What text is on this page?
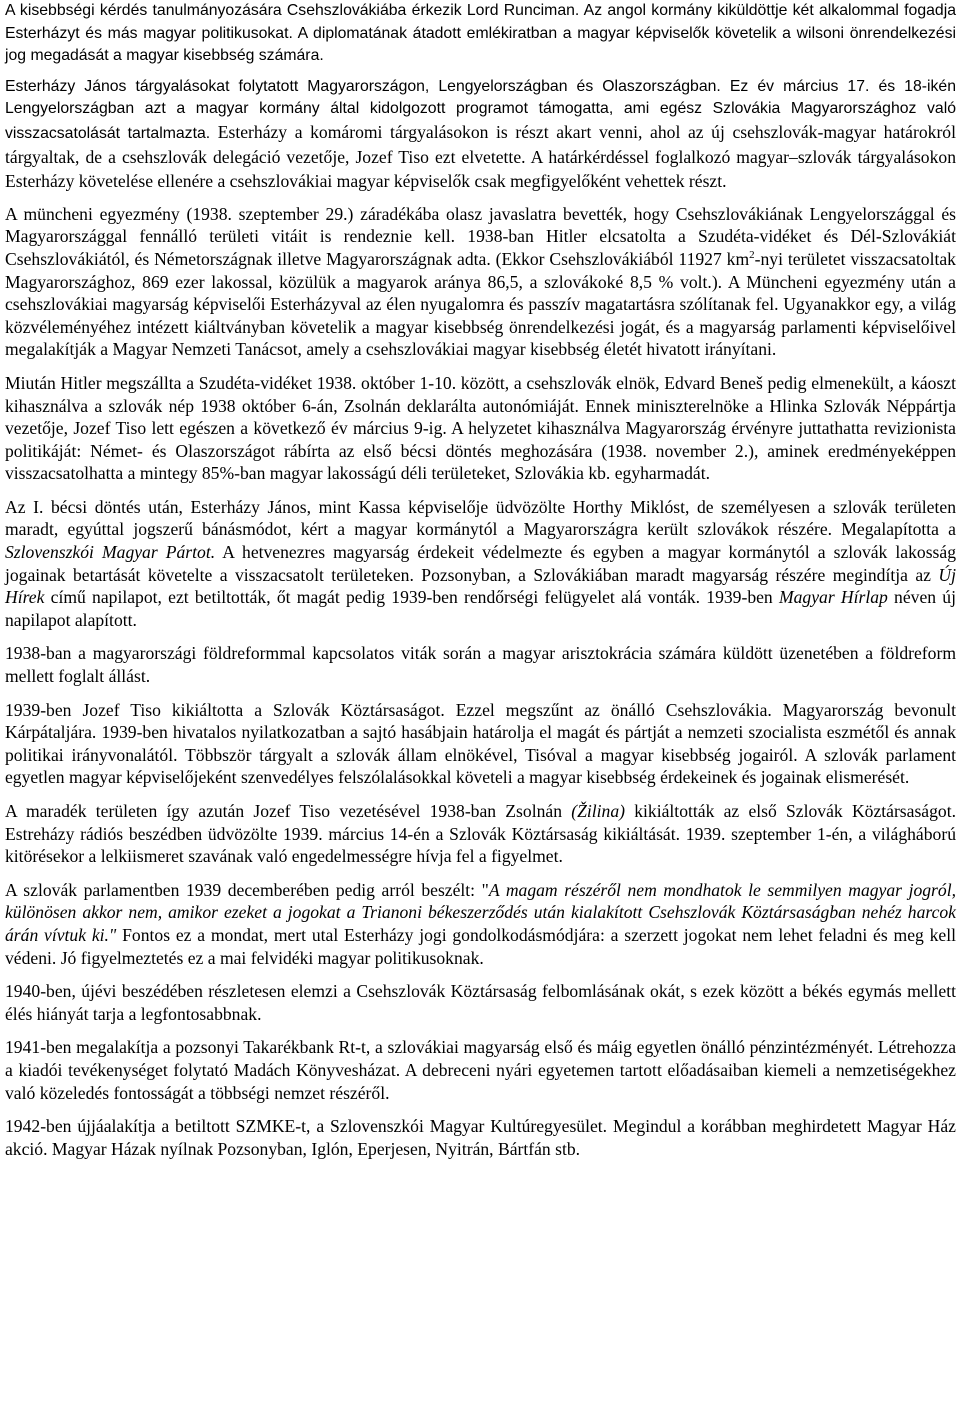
A kisebbségi kérdés tanulmányozására Csehszlovákiába érkezik Lord Runciman. Az angol kormány kiküldöttje két alkalommal fogadja Esterházyt és más magyar politikusokat. A diplomatának átadott emlékiratban a magyar képviselők követelik a wilsoni önrendelkezési jog megadását a magyar kisebbség számára.

Esterházy János tárgyalásokat folytatott Magyarországon, Lengyelországban és Olaszországban. Ez év március 17. és 18-ikén Lengyelországban azt a magyar kormány által kidolgozott programot támogatta, ami egész Szlovákia Magyarországhoz való visszacsatolását tartalmazta. Esterházy a komáromi tárgyalásokon is részt akart venni, ahol az új csehszlovák-magyar határokról tárgyaltak, de a csehszlovák delegáció vezetője, Jozef Tiso ezt elvetette. A határkérdéssel foglalkozó magyar–szlovák tárgyalásokon Esterházy követelése ellenére a csehszlovákiai magyar képviselők csak megfigyelőként vehettek részt.

A müncheni egyezmény (1938. szeptember 29.) záradékába olasz javaslatra bevették, hogy Csehszlovákiának Lengyelországgal és Magyarországgal fennálló területi vitáit is rendeznie kell. 1938-ban Hitler elcsatolta a Szudéta-vidéket és Dél-Szlovákiát Csehszlovákiától, és Németországnak illetve Magyarországnak adta. (Ekkor Csehszlovákiából 11927 $km^2$-nyi területet visszacsatoltak Magyarországhoz, 869 ezer lakossal, közülük a magyarok aránya 86,5, a szlovákoké 8,5 % volt.). A Müncheni egyezmény után a csehszlovákiai magyarság képviselői Esterházyval az élen nyugalomra és passzív magatartásra szólítanak fel. Ugyanakkor egy, a világ közvéleményéhez intézett kiáltványban követelik a magyar kisebbség önrendelkezési jogát, és a magyarság parlamenti képviselőivel megalakítják a Magyar Nemzeti Tanácsot, amely a csehszlovákiai magyar kisebbség életét hivatott irányítani.

Miután Hitler megszállta a Szudéta-vidéket 1938. október 1-10. között, a csehszlovák elnök, Edvard Beneš pedig elmenekült, a káoszt kihasználva a szlovák nép 1938 október 6-án, Zsolnán deklarálta autonómiáját. Ennek miniszterelnöke a Hlinka Szlovák Néppártja vezetője, Jozef Tiso lett egészen a következő év március 9-ig. A helyzetet kihasználva Magyarország érvényre juttathatta revizionista politikáját: Német- és Olaszországot rábírta az első bécsi döntés meghozására (1938. november 2.), aminek eredményeképpen visszacsatolhatta a mintegy 85%-ban magyar lakosságú déli területeket, Szlovákia kb. egyharmadát.

Az I. bécsi döntés után, Esterházy János, mint Kassa képviselője üdvözölte Horthy Miklóst, de személyesen a szlovák területen maradt, egyúttal jogszerű bánásmódot, kért a magyar kormánytól a Magyarországra került szlovákok részére. Megalapította a Szlovenszkói Magyar Pártot. A hetvenezres magyarság érdekeit védelmezte és egyben a magyar kormánytól a szlovák lakosság jogainak betartását követelte a visszacsatolt területeken. Pozsonyban, a Szlovákiában maradt magyarság részére megindítja az Új Hírek című napilapot, ezt betiltották, őt magát pedig 1939-ben rendőrségi felügyelet alá vonták. 1939-ben Magyar Hírlap néven új napilapot alapított.

1938-ban a magyarországi földreformmal kapcsolatos viták során a magyar arisztokrácia számára küldött üzenetében a földreform mellett foglalt állást.

1939-ben Jozef Tiso kikiáltotta a Szlovák Köztársaságot. Ezzel megszűnt az önálló Csehszlovákia. Magyarország bevonult Kárpátaljára. 1939-ben hivatalos nyilatkozatban a sajtó hasábjain határolja el magát és pártját a nemzeti szocialista eszmétől és annak politikai irányvonalától. Többször tárgyalt a szlovák állam elnökével, Tisóval a magyar kisebbség jogairól. A szlovák parlament egyetlen magyar képviselőjeként szenvedélyes felszólalásokkal követeli a magyar kisebbség érdekeinek és jogainak elismerését.

A maradék területen így azután Jozef Tiso vezetésével 1938-ban Zsolnán (Žilina) kikiáltották az első Szlovák Köztársaságot. Estreházy rádiós beszédben üdvözölte 1939. március 14-én a Szlovák Köztársaság kikiáltását. 1939. szeptember 1-én, a világháború kitörésekor a lelkiismeret szavának való engedelmességre hívja fel a figyelmet.

A szlovák parlamentben 1939 decemberében pedig arról beszélt: "A magam részéről nem mondhatok le semmilyen magyar jogról, különösen akkor nem, amikor ezeket a jogokat a Trianoni békeszerződés után kialakított Csehszlovák Köztársaságban nehéz harcok árán vívtuk ki." Fontos ez a mondat, mert utal Esterházy jogi gondolkodásmódjára: a szerzett jogokat nem lehet feladni és meg kell védeni. Jó figyelmeztetés ez a mai felvidéki magyar politikusoknak.

1940-ben, újévi beszédében részletesen elemzi a Csehszlovák Köztársaság felbomlásának okát, s ezek között a békés egymás mellett élés hiányát tarja a legfontosabbnak.

1941-ben megalakítja a pozsonyi Takarékbank Rt-t, a szlovákiai magyarság első és máig egyetlen önálló pénzintézményét. Létrehozza a kiadói tevékenységet folytató Madách Könyvesházat. A debreceni nyári egyetemen tartott előadásaiban kiemeli a nemzetiségekhez való közeledés fontosságát a többségi nemzet részéről.

1942-ben újjáalakítja a betiltott SZMKE-t, a Szlovenszkói Magyar Kultúregyesület. Megindul a korábban meghirdetett Magyar Ház akció. Magyar Házak nyílnak Pozsonyban, Iglón, Eperjesen, Nyitrán, Bártfán stb.
